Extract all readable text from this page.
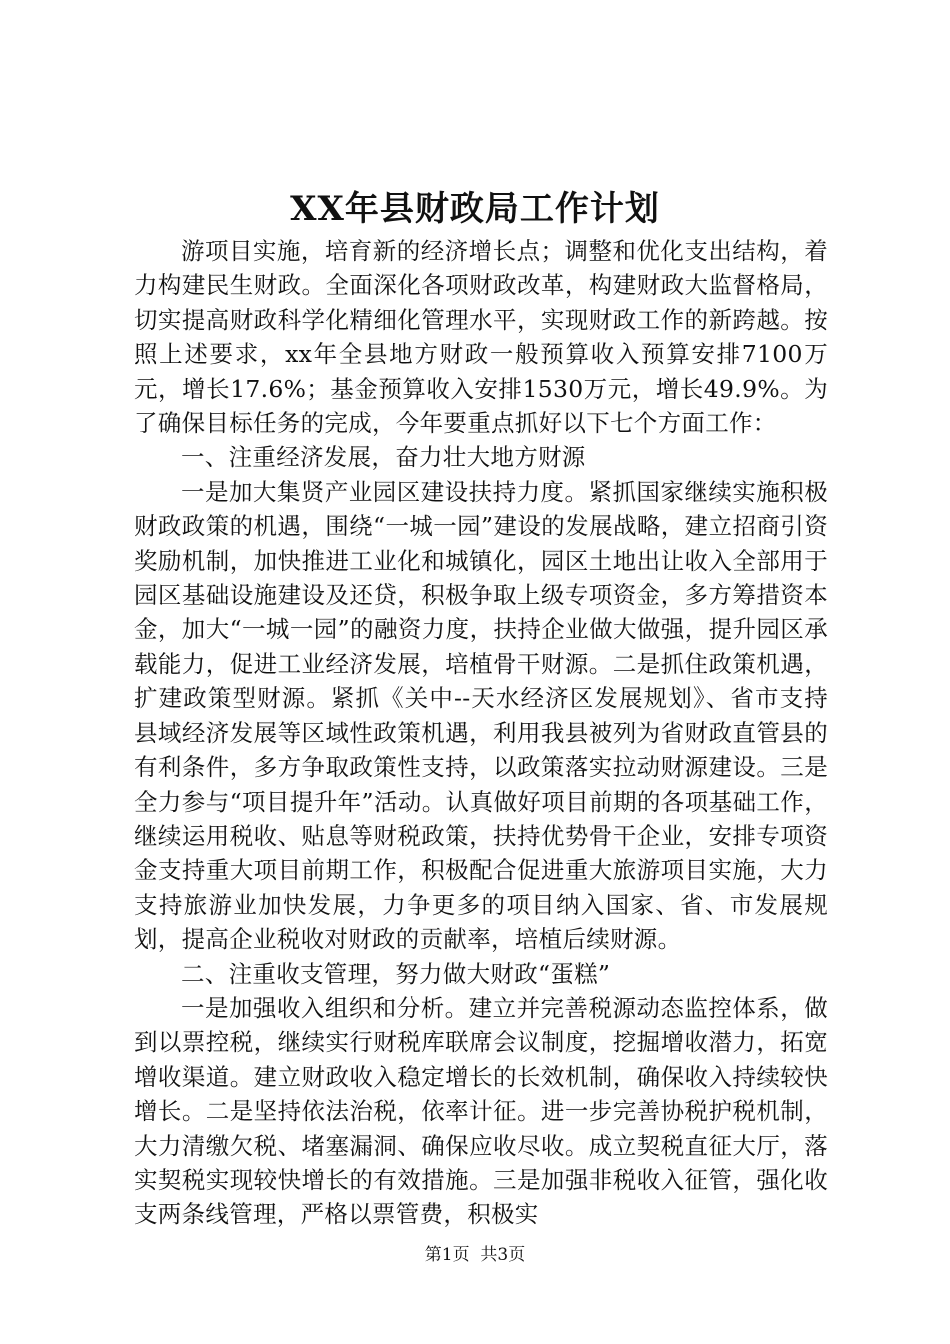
XX年县财政局工作计划

游项目实施，培育新的经济增长点；调整和优化支出结构，着力构建民生财政。全面深化各项财政改革，构建财政大监督格局，切实提高财政科学化精细化管理水平，实现财政工作的新跨越。按照上述要求，xx年全县地方财政一般预算收入预算安排7100万元，增长17.6%；基金预算收入安排1530万元，增长49.9%。为了确保目标任务的完成，今年要重点抓好以下七个方面工作：

一、注重经济发展，奋力壮大地方财源

一是加大集贤产业园区建设扶持力度。紧抓国家继续实施积极财政政策的机遇，围绕“一城一园”建设的发展战略，建立招商引资奖励机制，加快推进工业化和城镇化，园区土地出让收入全部用于园区基础设施建设及还贷，积极争取上级专项资金，多方筹措资本金，加大“一城一园”的融资力度，扶持企业做大做强，提升园区承载能力，促进工业经济发展，培植骨干财源。二是抓住政策机遇，扩建政策型财源。紧抓《关中--天水经济区发展规划》、省市支持县域经济发展等区域性政策机遇，利用我县被列为省财政直管县的有利条件，多方争取政策性支持，以政策落实拉动财源建设。三是全力参与“项目提升年”活动。认真做好项目前期的各项基础工作，继续运用税收、贴息等财税政策，扶持优势骨干企业，安排专项资金支持重大项目前期工作，积极配合促进重大旅游项目实施，大力支持旅游业加快发展，力争更多的项目纳入国家、省、市发展规划，提高企业税收对财政的贡献率，培植后续财源。

二、注重收支管理，努力做大财政“蛋糕”

一是加强收入组织和分析。建立并完善税源动态监控体系，做到以票控税，继续实行财税库联席会议制度，挖掘增收潜力，拓宽增收渠道。建立财政收入稳定增长的长效机制，确保收入持续较快增长。二是坚持依法治税，依率计征。进一步完善协税护税机制，大力清缴欠税、堵塞漏洞、确保应收尽收。成立契税直征大厅，落实契税实现较快增长的有效措施。三是加强非税收入征管，强化收支两条线管理，严格以票管费，积极实

第1页 共3页
